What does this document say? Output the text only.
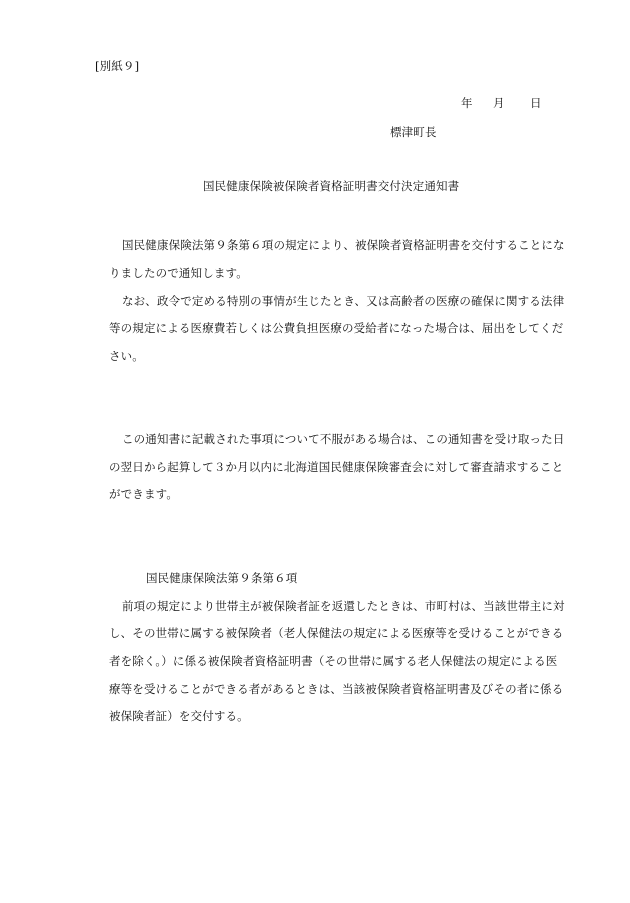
[別紙９]
年 月 日
標津町長
国民健康保険被保険者資格証明書交付決定通知書
国民健康保険法第９条第６項の規定により、被保険者資格証明書を交付することにな
りましたので通知します。
なお、政令で定める特別の事情が生じたとき、又は高齢者の医療の確保に関する法律
等の規定による医療費若しくは公費負担医療の受給者になった場合は、届出をしてくだ
さい。
この通知書に記載された事項について不服がある場合は、この通知書を受け取った日
の翌日から起算して３か月以内に北海道国民健康保険審査会に対して審査請求すること
ができます。
国民健康保険法第９条第６項
前項の規定により世帯主が被保険者証を返還したときは、市町村は、当該世帯主に対
し、その世帯に属する被保険者（老人保健法の規定による医療等を受けることができる
者を除く。）に係る被保険者資格証明書（その世帯に属する老人保健法の規定による医
療等を受けることができる者があるときは、当該被保険者資格証明書及びその者に係る
被保険者証）を交付する。
